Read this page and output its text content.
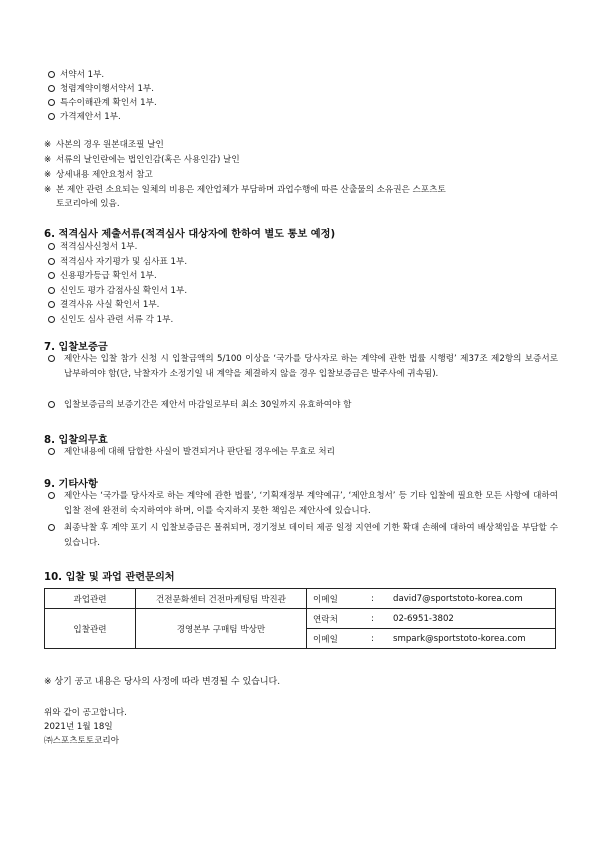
서약서 1부.
청렴계약이행서약서 1부.
특수이해관계 확인서 1부.
가격제안서 1부.
※ 사본의 경우 원본대조필 날인
※ 서류의 날인란에는 법인인감(혹은 사용인감) 날인
※ 상세내용 제안요청서 참고
※ 본 제안 관련 소요되는 일체의 비용은 제안업체가 부담하며 과업수행에 따른 산출물의 소유권은 스포츠토
토코리아에 있음.
6. 적격심사 제출서류(적격심사 대상자에 한하여 별도 통보 예정)
적격심사신청서 1부.
적격심사 자기평가 및 심사표 1부.
신용평가등급 확인서 1부.
신인도 평가 감점사실 확인서 1부.
결격사유 사실 확인서 1부.
신인도 심사 관련 서류 각 1부.
7. 입찰보증금
제안사는 입찰 참가 신청 시 입찰금액의 5/100 이상을 ‘국가를 당사자로 하는 계약에 관한 법률 시행령’ 제37조 제2항의 보증서로 납부하여야 함(단, 낙찰자가 소정기일 내 계약을 체결하지 않을 경우 입찰보증금은 발주사에 귀속됨).
입찰보증금의 보증기간은 제안서 마감일로부터 최소 30일까지 유효하여야 함
8. 입찰의무효
제안내용에 대해 담합한 사실이 발견되거나 판단될 경우에는 무효로 처리
9. 기타사항
제안사는 ‘국가를 당사자로 하는 계약에 관한 법률’, ‘기획재정부 계약예규’, ‘제안요청서’ 등 기타 입찰에 필요한 모든 사항에 대하여 입찰 전에 완전히 숙지하여야 하며, 이를 숙지하지 못한 책임은 제안사에 있습니다.
최종낙찰 후 계약 포기 시 입찰보증금은 몰취되며, 경기정보 데이터 제공 일정 지연에 기한 확대 손해에 대하여 배상책임을 부담할 수 있습니다.
10. 입찰 및 과업 관련문의처
과업관련	건전문화센터 건전마케팅팀 박진관	이메일	:	david7@sportstoto-korea.com
입찰관련	경영본부 구매팀 박상만	연락처	:	02-6951-3802
		이메일	:	smpark@sportstoto-korea.com
※ 상기 공고 내용은 당사의 사정에 따라 변경될 수 있습니다.
위와 같이 공고합니다.
2021년 1월 18일
㈜스포츠토토코리아
